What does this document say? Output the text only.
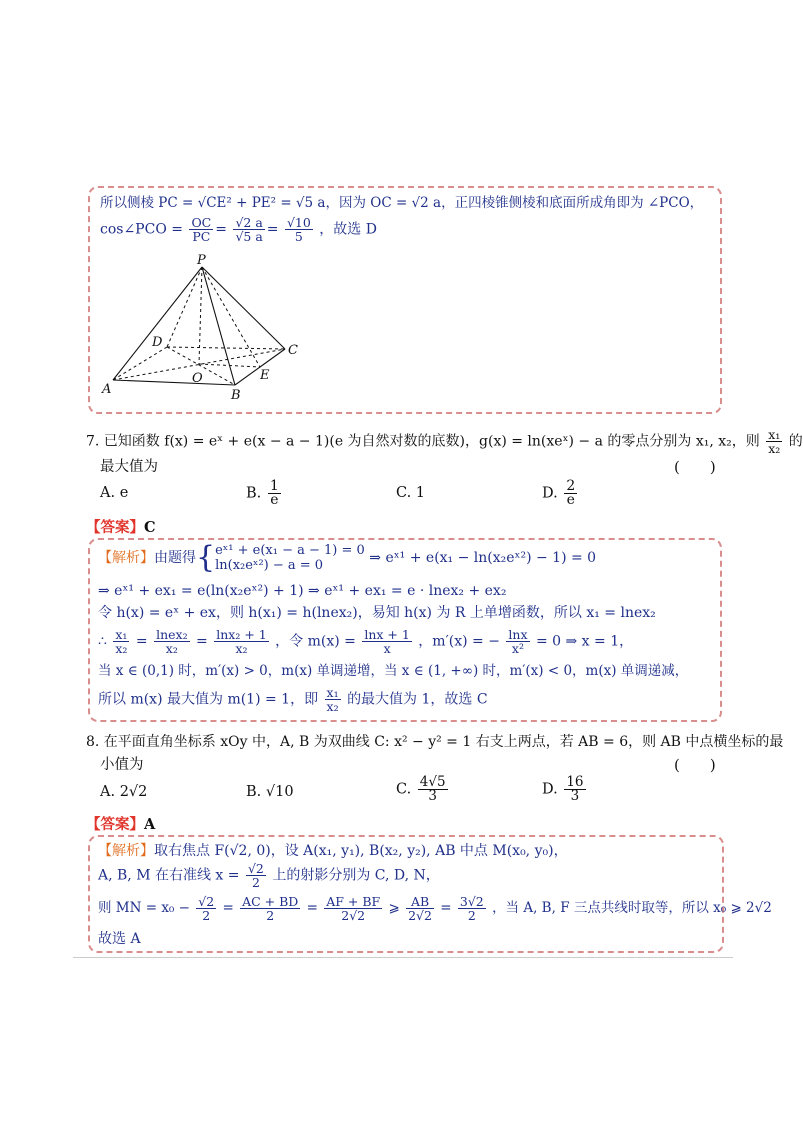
所以侧棱 PC = √CE² + PE² = √5 a，因为 OC = √2 a，正四棱锥侧棱和底面所成角即为 ∠PCO，
cos∠PCO = $\frac{OC}{PC} = \frac{√2 a}{√5 a} = \frac{√10}{5}$ ，故选 D
P
D
C
O	E
A	B
7. 已知函数 f(x) = eˣ + e(x − a − 1)(e 为自然对数的底数)，g(x) = ln(xeˣ) − a 的零点分别为 x₁, x₂，则 $\frac{\text{x₁}}{\text{x₂}}$ 的
最大值为	(　　)
A. e	B. $\frac{1}{e}$	C. 1	D. $\frac{2}{e}$
【答案】C
【解析】由题得{eˣ¹ + e(x₁ − a − 1) = 0
ln(x₂eˣ²) − a = 0	⇒ eˣ¹ + e(x₁ − ln(x₂eˣ²) − 1) = 0
⇒ eˣ¹ + ex₁ = e(ln(x₂eˣ²) + 1) ⇒ eˣ¹ + ex₁ = e · lnex₂ + ex₂
令 h(x) = eˣ + ex，则 h(x₁) = h(lnex₂)，易知 h(x) 为 R 上单增函数，所以 x₁ = lnex₂
∴ $\frac{\text{x₁}}{\text{x₂}} = \frac{\text{lnex₂}}{\text{x₂}} = \frac{\text{lnx₂ + 1}}{\text{x₂}}$ ，令 $m(x) = \frac{\ln x + 1}{x}$ ，m′(x) = − $\frac{\ln x}{\text{x²}} = 0$ ⇒ x = 1，
当 x ∈ (0,1) 时，m′(x) > 0，m(x) 单调递增，当 x ∈ (1, +∞) 时，m′(x) < 0，m(x) 单调递减，
所以 m(x) 最大值为 m(1) = 1，即 $\frac{\text{x₁}}{\text{x₂}}$ 的最大值为 1，故选 C
8. 在平面直角坐标系 xOy 中，A, B 为双曲线 C: x² − y² = 1 右支上两点，若 AB = 6，则 AB 中点横坐标的最
小值为	(　　)
A. 2√2	B. √10	C. $\frac{4√5}{3}$	D. $\frac{16}{3}$
【答案】A
【解析】取右焦点 F(√2, 0)，设 A(x₁, y₁), B(x₂, y₂), AB 中点 M(x₀, y₀)，
A, B, M 在右准线 $x = \frac{√2}{2}$ 上的射影分别为 C, D, N，
则 MN = $x_0 - \frac{√2}{2} = \frac{AC + BD}{2} = \frac{AF + BF}{2√2}$ ⩾ $\frac{AB}{2√2} = \frac{3√2}{2}$ ，当 A, B, F 三点共线时取等，所以 x₀ ⩾ 2√2
故选 A
